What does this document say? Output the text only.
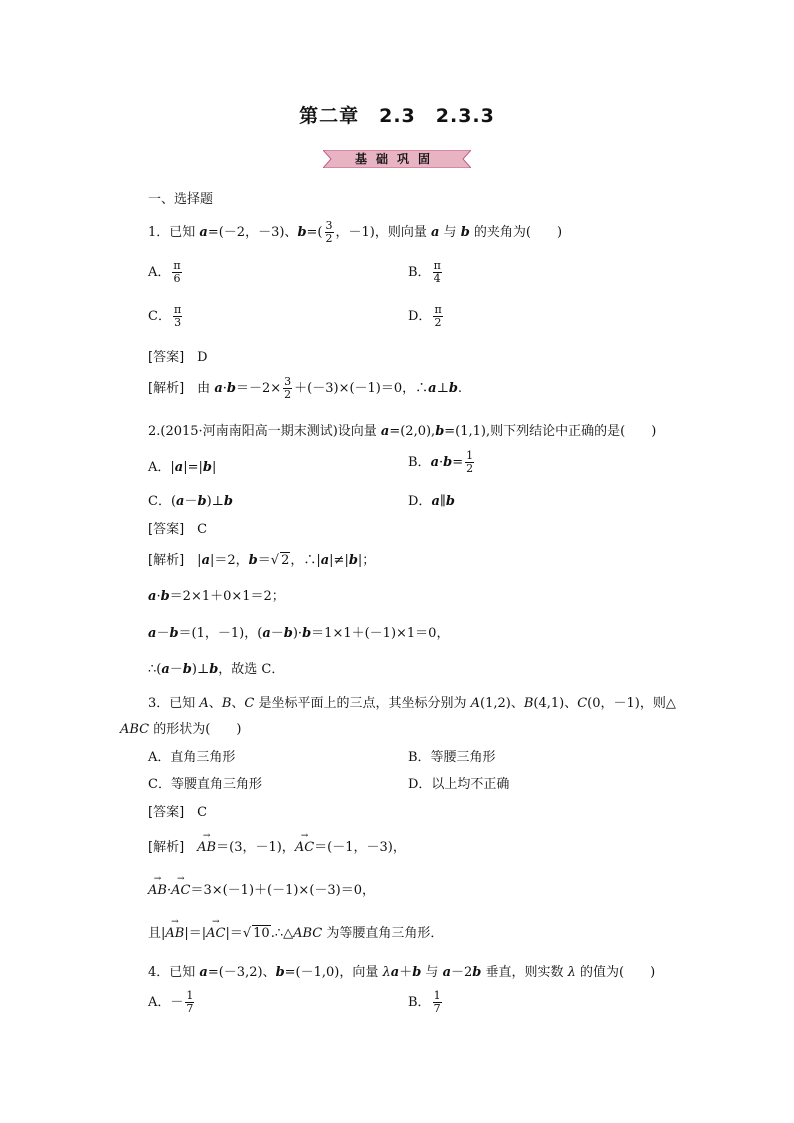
第二章　2.3　2.3.3
基础巩固
一、选择题
1．已知 a=(－2，－3)、$b=( \frac{3}{2}$ ，－1)，则向量 a 与 b 的夹角为(　　)
A． $\frac{\pi}{6}$	B． $\frac{\pi}{4}$
C． $\frac{\pi}{3}$	D． $\frac{\pi}{2}$
[答案]　 D
[解析]　 由 $a\cdot b=-2\times \frac{3}{2} +(-3)\times(-1)=0$，∴a⊥b.
2.(2015·河南南阳高一期末测试)设向量 a=(2,0),b=(1,1),则下列结论中正确的是(　　)
A．|a|=|b|	B．$a\cdot b= \frac{1}{2}$
C．(a－b)⊥b	D．a∥b
[答案]　 C
[解析]　 |a|＝2，b＝√ 2，∴|a|≠|b|；
a·b＝2×1＋0×1＝2；
a－b＝(1，－1)，(a－b)·b＝1×1＋(－1)×1＝0，
∴(a－b)⊥b，故选 C．
3．已知 A、B、C 是坐标平面上的三点，其坐标分别为 A(1,2)、B(4,1)、C(0，－1)，则△
ABC 的形状为(　　)
A．直角三角形	B．等腰三角形
C．等腰直角三角形	D．以上均不正确
[答案]　 C
[解析]　→ AB＝(3，－1)，→ AC＝(－1，－3)，
→ AB·→ AC＝3×(－1)＋(－1)×(－3)＝0，
且|→ AB|＝|→ AC|＝√ 10.∴△ABC 为等腰直角三角形．
4．已知 a=(－3,2)、b=(－1,0)，向量 λa＋b 与 a－2b 垂直，则实数 λ 的值为(　　)
A．－ $\frac{1}{7}$	B． $\frac{1}{7}$
